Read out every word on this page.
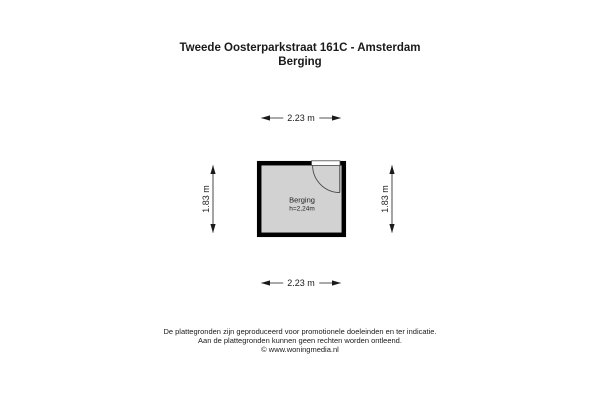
Tweede Oosterparkstraat 161C - Amsterdam
Berging
2.23 m
2.23 m
1.83 m	1.83 m
Berging
h=2,24m
De plattegronden zijn geproduceerd voor promotionele doeleinden en ter indicatie.
Aan de plattegronden kunnen geen rechten worden ontleend.
© www.woningmedia.nl
